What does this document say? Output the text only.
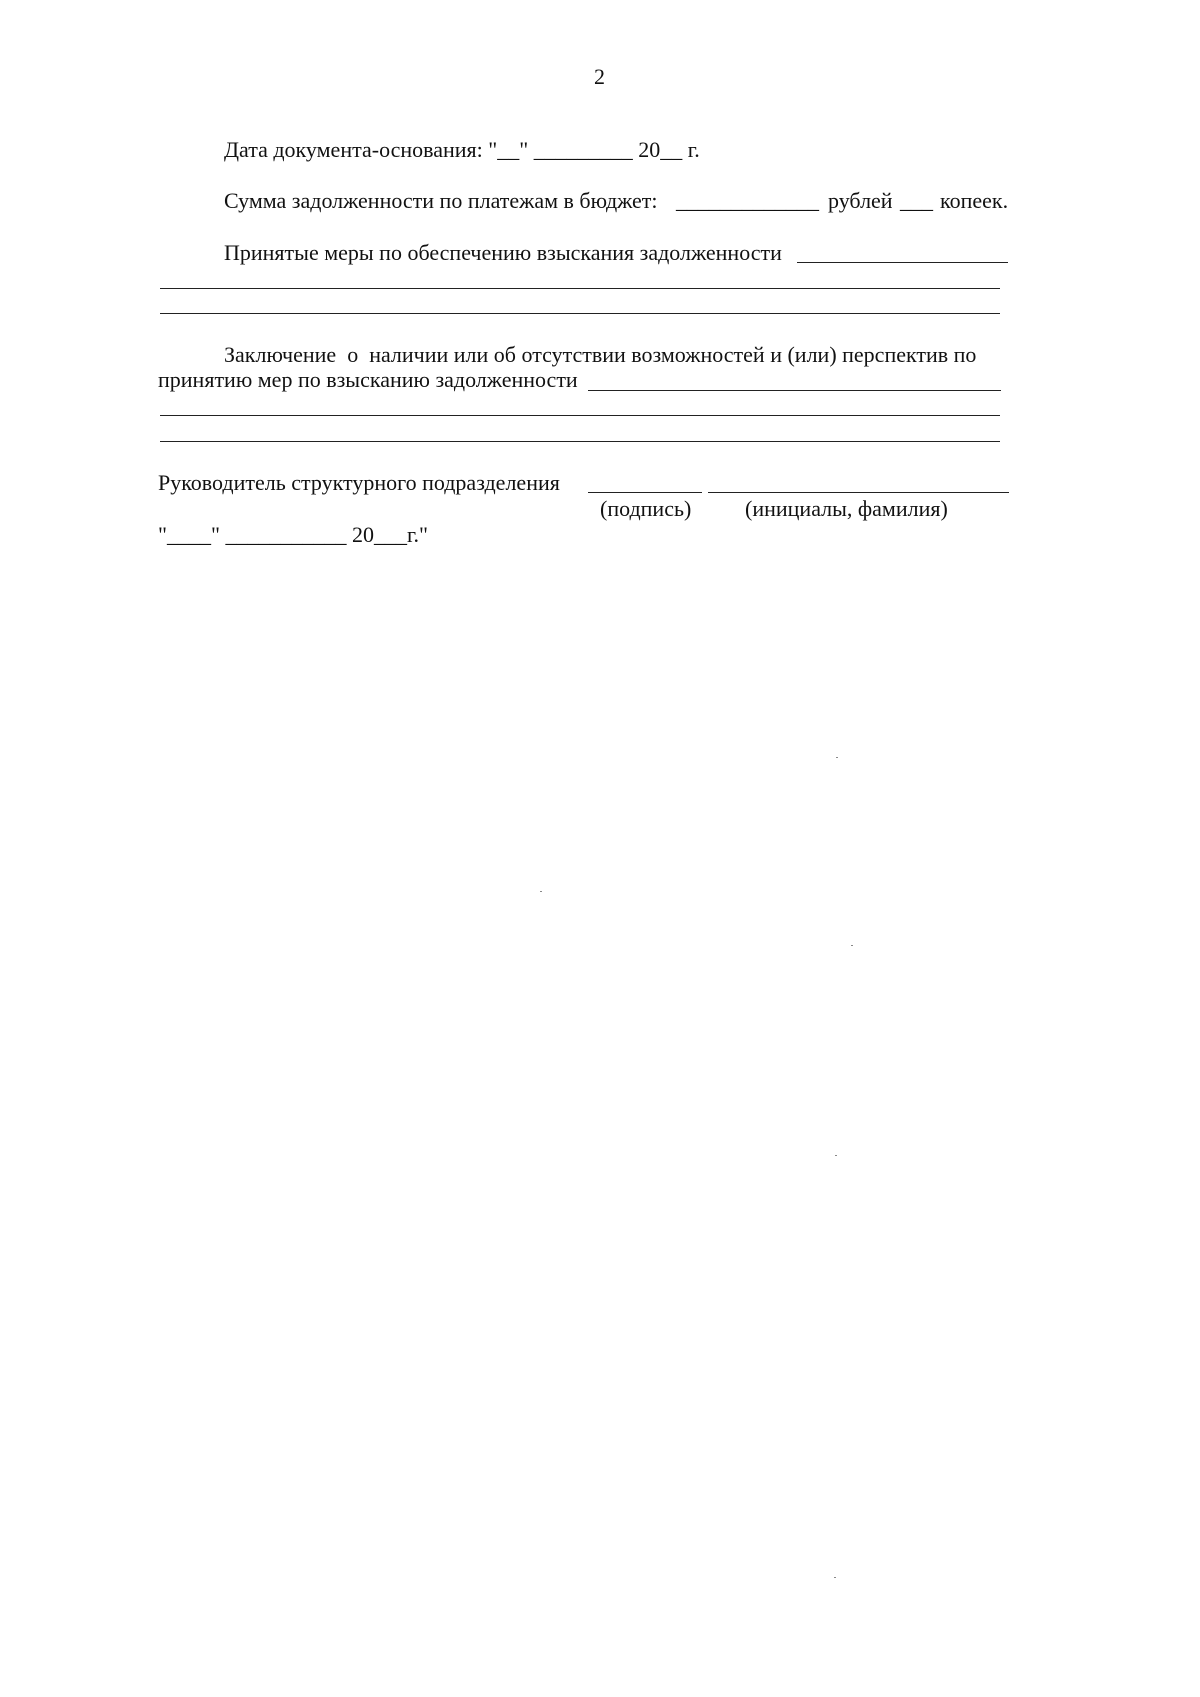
2
Дата документа-основания: "__" _________ 20__ г.
Сумма задолженности по платежам в бюджет: _____________ рублей ___ копеек.
Принятые меры по обеспечению взыскания задолженности
Заключение  о  наличии или об отсутствии возможностей и (или) перспектив по
принятию мер по взысканию задолженности
Руководитель структурного подразделения
(подпись) (инициалы, фамилия)
"____" ___________ 20___г."
